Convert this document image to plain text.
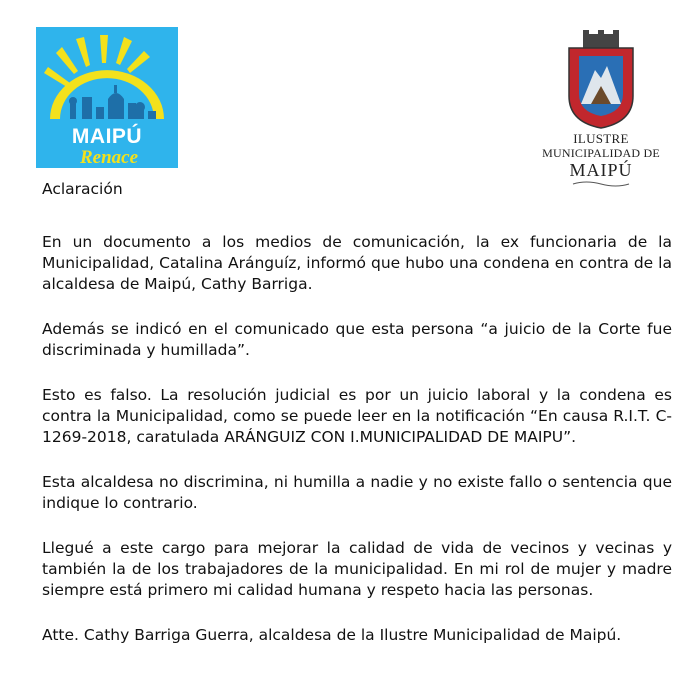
MAIPÚ
Renace
ILUSTRE
MUNICIPALIDAD DE
MAIPÚ
Aclaración

En un documento a los medios de comunicación, la ex funcionaria de la Municipalidad, Catalina Aránguíz, informó que hubo una condena en contra de la alcaldesa de Maipú, Cathy Barriga.

Además se indicó en el comunicado que esta persona “a juicio de la Corte fue discriminada y humillada”.

Esto es falso. La resolución judicial es por un juicio laboral y la condena es contra la Municipalidad, como se puede leer en la notificación “En causa R.I.T. C-1269-2018, caratulada ARÁNGUIZ CON I.MUNICIPALIDAD DE MAIPU”.

Esta alcaldesa no discrimina, ni humilla a nadie y no existe fallo o sentencia que indique lo contrario.

Llegué a este cargo para mejorar la calidad de vida de vecinos y vecinas y también la de los trabajadores de la municipalidad. En mi rol de mujer y madre siempre está primero mi calidad humana y respeto hacia las personas.

Atte. Cathy Barriga Guerra, alcaldesa de la Ilustre Municipalidad de Maipú.
